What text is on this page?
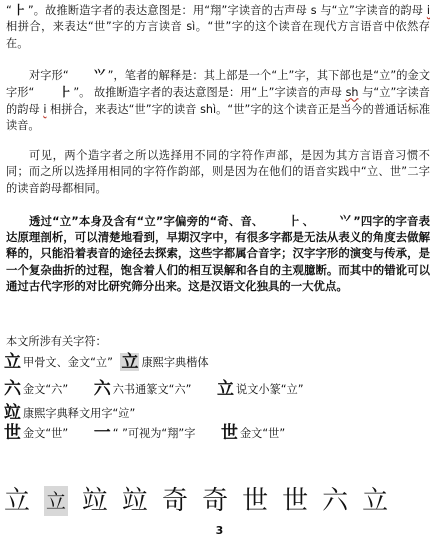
“ ⺊ ”。故推断造字者的表达意图是：用“翔”字读音的古声母 s 与“立”字读音的韵母 i 相拼合，来表达“世”字的方言读音 sì。“世”字的这个读音在现代方言语音中依然存在。
对字形“ ⺍ ”，笔者的解释是：其上部是一个“上”字，其下部也是“立”的金文字形“ ⺊ ”。 故推断造字者的表达意图是：用“上”字读音的声母 sh 与“立”字读音的韵母 i 相拼合，来表达“世”字的读音 shì。“世”字的这个读音正是当今的普通话标准读音。
可见，两个造字者之所以选择用不同的字符作声部，是因为其方言语音习惯不同；而之所以选择用相同的字符作韵部，则是因为在他们的语音实践中“立、世”二字的读音韵母都相同。
透过“立”本身及含有“立”字偏旁的“奇、音、 ⺊ 、 ⺍ ”四字的字音表达原理剖析，可以清楚地看到，早期汉字中，有很多字都是无法从表义的角度去做解释的，只能沿着表音的途径去探索，这些字都属合音字；汉字字形的演变与传承，是一个复杂曲折的过程，饱含着人们的相互误解和各自的主观臆断。而其中的错讹可以通过古代字形的对比研究筛分出来。这是汉语文化独具的一大优点。
本文所涉有关字符：
立 甲骨文、金文“立”
立 康熙字典楷体
六 金文“六”
六 六书通篆文“六”
立 说文小篆“立”
竝 康熙字典释文用字“竝”
世 金文“世”
一 “ ”可视为“翔”字
世 金文“世”
立 立 竝 竝 奇 奇 世 世 六 立
3
